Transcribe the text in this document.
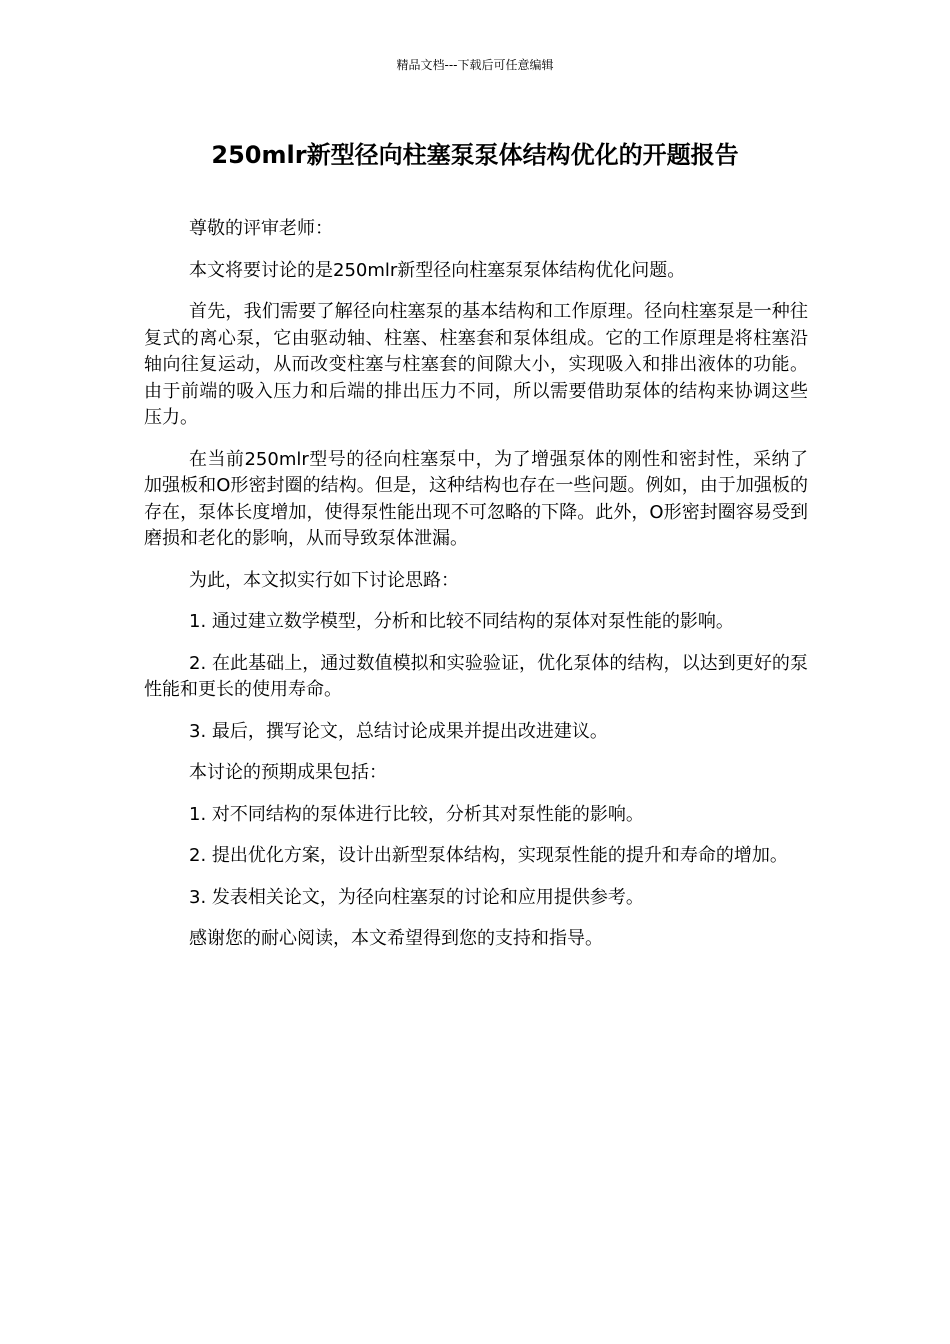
精品文档---下载后可任意编辑
250mlr新型径向柱塞泵泵体结构优化的开题报告

尊敬的评审老师：

本文将要讨论的是250mlr新型径向柱塞泵泵体结构优化问题。

首先，我们需要了解径向柱塞泵的基本结构和工作原理。径向柱塞泵是一种往复式的离心泵，它由驱动轴、柱塞、柱塞套和泵体组成。它的工作原理是将柱塞沿轴向往复运动，从而改变柱塞与柱塞套的间隙大小，实现吸入和排出液体的功能。由于前端的吸入压力和后端的排出压力不同，所以需要借助泵体的结构来协调这些压力。

在当前250mlr型号的径向柱塞泵中，为了增强泵体的刚性和密封性，采纳了加强板和O形密封圈的结构。但是，这种结构也存在一些问题。例如，由于加强板的存在，泵体长度增加，使得泵性能出现不可忽略的下降。此外，O形密封圈容易受到磨损和老化的影响，从而导致泵体泄漏。

为此，本文拟实行如下讨论思路：

1. 通过建立数学模型，分析和比较不同结构的泵体对泵性能的影响。

2. 在此基础上，通过数值模拟和实验验证，优化泵体的结构，以达到更好的泵性能和更长的使用寿命。

3. 最后，撰写论文，总结讨论成果并提出改进建议。

本讨论的预期成果包括：

1. 对不同结构的泵体进行比较，分析其对泵性能的影响。

2. 提出优化方案，设计出新型泵体结构，实现泵性能的提升和寿命的增加。

3. 发表相关论文，为径向柱塞泵的讨论和应用提供参考。

感谢您的耐心阅读，本文希望得到您的支持和指导。
